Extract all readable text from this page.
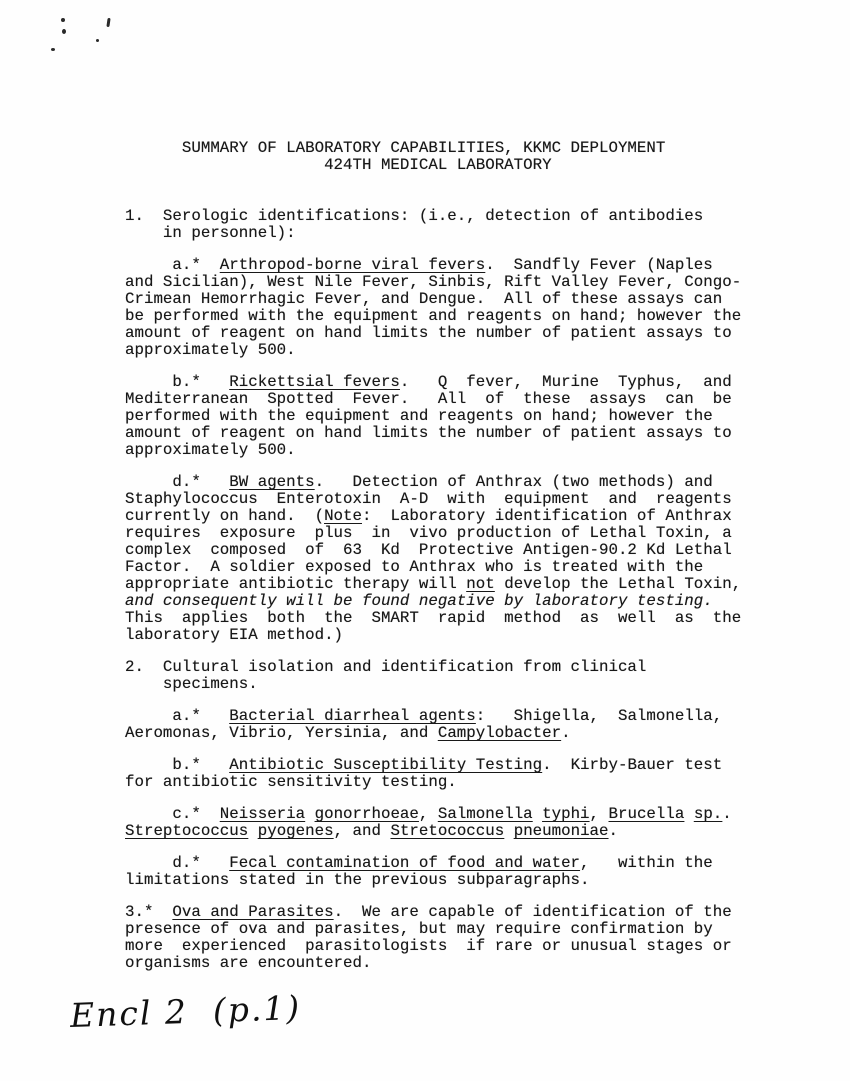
SUMMARY OF LABORATORY CAPABILITIES, KKMC DEPLOYMENT
424TH MEDICAL LABORATORY
1.  Serologic identifications: (i.e., detection of antibodies
in personnel):
a.*  Arthropod-borne viral fevers.  Sandfly Fever (Naples
and Sicilian), West Nile Fever, Sinbis, Rift Valley Fever, Congo-
Crimean Hemorrhagic Fever, and Dengue.  All of these assays can
be performed with the equipment and reagents on hand; however the
amount of reagent on hand limits the number of patient assays to
approximately 500.
b.*   Rickettsial fevers.   Q  fever,  Murine  Typhus,  and
Mediterranean  Spotted  Fever.   All  of  these  assays  can  be
performed with the equipment and reagents on hand; however the
amount of reagent on hand limits the number of patient assays to
approximately 500.
d.*   BW agents.   Detection of Anthrax (two methods) and
Staphylococcus  Enterotoxin  A-D  with  equipment  and  reagents
currently on hand.  (Note:  Laboratory identification of Anthrax
requires  exposure  plus  in  vivo production of Lethal Toxin, a
complex  composed  of  63  Kd  Protective Antigen-90.2 Kd Lethal
Factor.  A soldier exposed to Anthrax who is treated with the
appropriate antibiotic therapy will not develop the Lethal Toxin,
and consequently will be found negative by laboratory testing.
This  applies  both  the  SMART  rapid  method  as  well  as  the
laboratory EIA method.)
2.  Cultural isolation and identification from clinical
specimens.
a.*   Bacterial diarrheal agents:   Shigella,  Salmonella,
Aeromonas, Vibrio, Yersinia, and Campylobacter.
b.*   Antibiotic Susceptibility Testing.  Kirby-Bauer test
for antibiotic sensitivity testing.
c.*  Neisseria gonorrhoeae, Salmonella typhi, Brucella sp..
Streptococcus pyogenes, and Stretococcus pneumoniae.
d.*   Fecal contamination of food and water,   within the
limitations stated in the previous subparagraphs.
3.*  Ova and Parasites.  We are capable of identification of the
presence of ova and parasites, but may require confirmation by
more  experienced  parasitologists  if rare or unusual stages or
organisms are encountered.
Encl 2  (p.1)
